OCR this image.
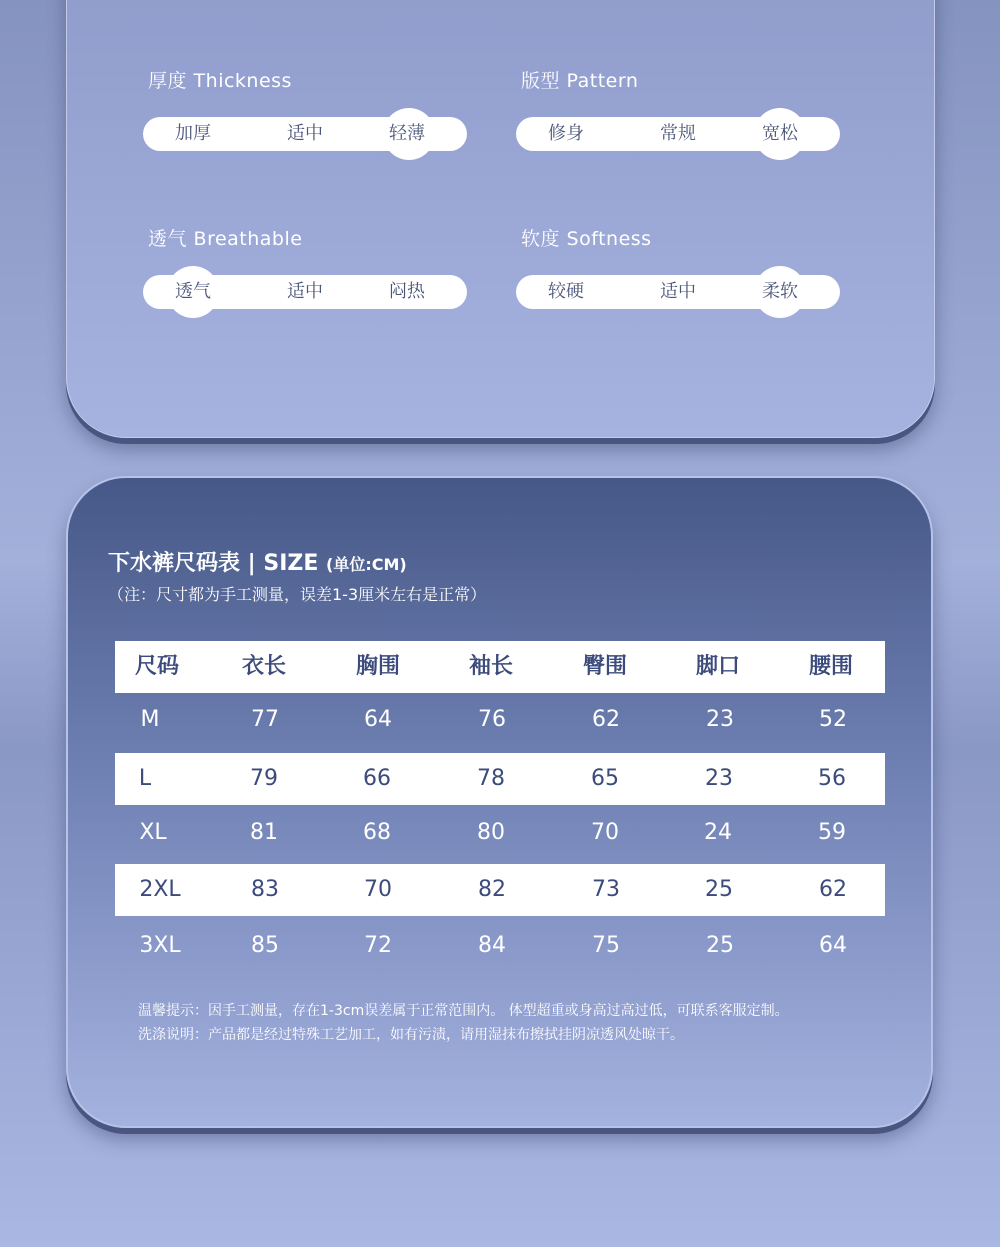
厚度 Thickness
加厚	适中	轻薄
版型 Pattern
修身	常规	宽松
透气 Breathable
透气	适中	闷热
软度 Softness
较硬	适中	柔软
下水裤尺码表 | SIZE (单位:CM)
（注：尺寸都为手工测量，误差1-3厘米左右是正常）
尺码	衣长	胸围	袖长	臀围	脚口	腰围
M	77	64	76	62	23	52
L	79	66	78	65	23	56
XL	81	68	80	70	24	59
2XL	83	70	82	73	25	62
3XL	85	72	84	75	25	64
温馨提示：因手工测量，存在1-3cm误差属于正常范围内。 体型超重或身高过高过低，可联系客服定制。
洗涤说明：产品都是经过特殊工艺加工，如有污渍，请用湿抹布擦拭挂阴凉透风处晾干。
